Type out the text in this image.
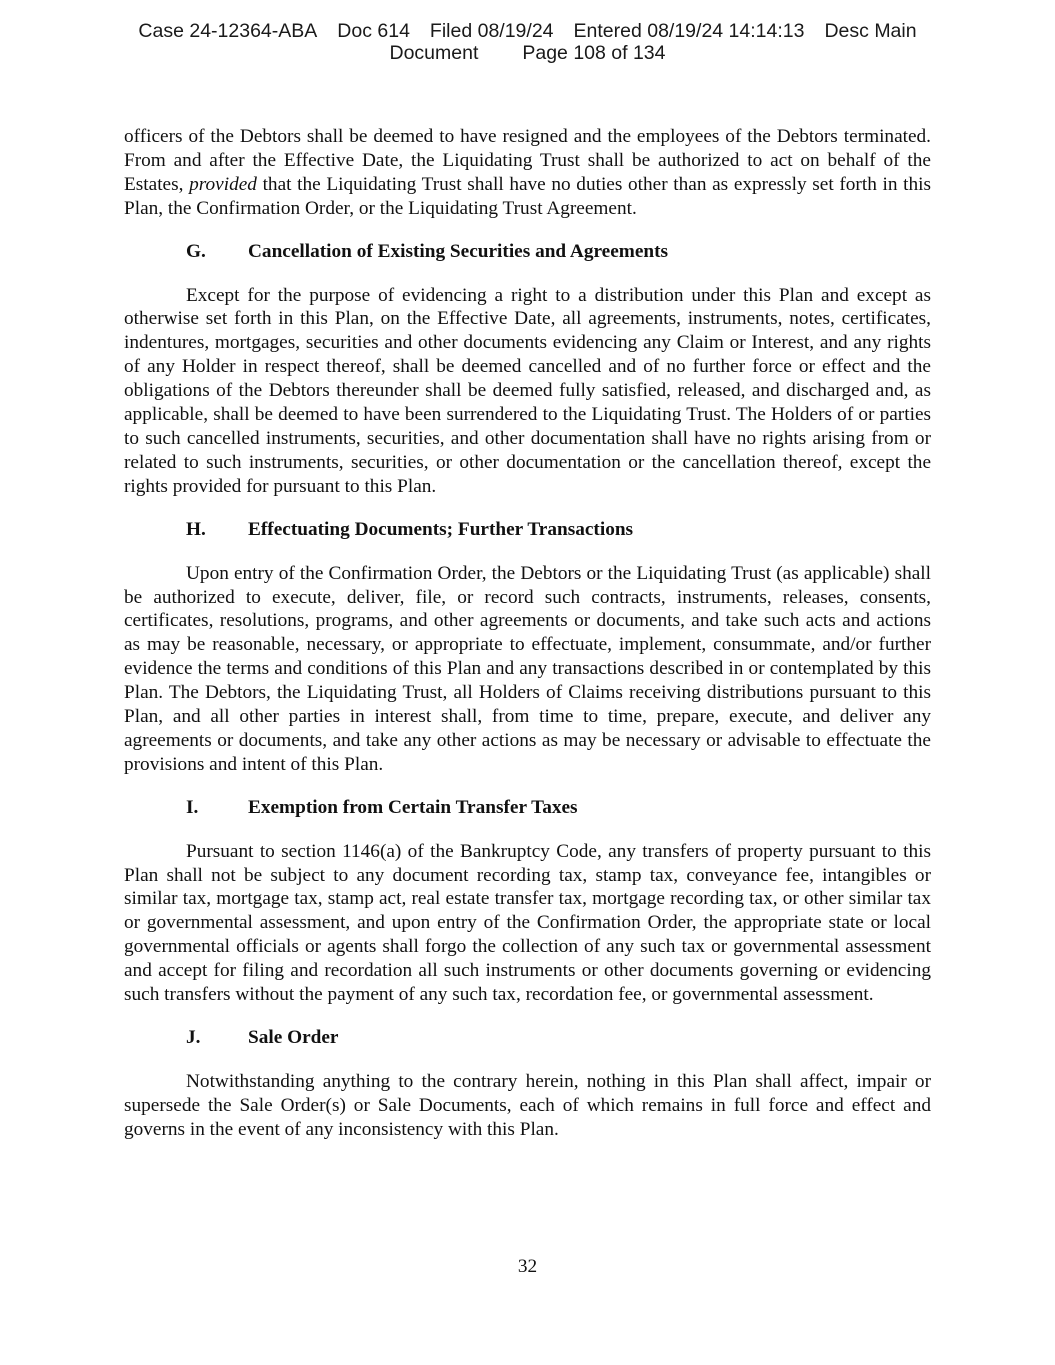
Case 24-12364-ABA Doc 614 Filed 08/19/24 Entered 08/19/24 14:14:13 Desc Main
Document Page 108 of 134

officers of the Debtors shall be deemed to have resigned and the employees of the Debtors terminated. From and after the Effective Date, the Liquidating Trust shall be authorized to act on behalf of the Estates, provided that the Liquidating Trust shall have no duties other than as expressly set forth in this Plan, the Confirmation Order, or the Liquidating Trust Agreement.

G. Cancellation of Existing Securities and Agreements

Except for the purpose of evidencing a right to a distribution under this Plan and except as otherwise set forth in this Plan, on the Effective Date, all agreements, instruments, notes, certificates, indentures, mortgages, securities and other documents evidencing any Claim or Interest, and any rights of any Holder in respect thereof, shall be deemed cancelled and of no further force or effect and the obligations of the Debtors thereunder shall be deemed fully satisfied, released, and discharged and, as applicable, shall be deemed to have been surrendered to the Liquidating Trust. The Holders of or parties to such cancelled instruments, securities, and other documentation shall have no rights arising from or related to such instruments, securities, or other documentation or the cancellation thereof, except the rights provided for pursuant to this Plan.

H. Effectuating Documents; Further Transactions

Upon entry of the Confirmation Order, the Debtors or the Liquidating Trust (as applicable) shall be authorized to execute, deliver, file, or record such contracts, instruments, releases, consents, certificates, resolutions, programs, and other agreements or documents, and take such acts and actions as may be reasonable, necessary, or appropriate to effectuate, implement, consummate, and/or further evidence the terms and conditions of this Plan and any transactions described in or contemplated by this Plan. The Debtors, the Liquidating Trust, all Holders of Claims receiving distributions pursuant to this Plan, and all other parties in interest shall, from time to time, prepare, execute, and deliver any agreements or documents, and take any other actions as may be necessary or advisable to effectuate the provisions and intent of this Plan.

I.	Exemption from Certain Transfer Taxes

Pursuant to section 1146(a) of the Bankruptcy Code, any transfers of property pursuant to this Plan shall not be subject to any document recording tax, stamp tax, conveyance fee, intangibles or similar tax, mortgage tax, stamp act, real estate transfer tax, mortgage recording tax, or other similar tax or governmental assessment, and upon entry of the Confirmation Order, the appropriate state or local governmental officials or agents shall forgo the collection of any such tax or governmental assessment and accept for filing and recordation all such instruments or other documents governing or evidencing such transfers without the payment of any such tax, recordation fee, or governmental assessment.

J. Sale Order

Notwithstanding anything to the contrary herein, nothing in this Plan shall affect, impair or supersede the Sale Order(s) or Sale Documents, each of which remains in full force and effect and governs in the event of any inconsistency with this Plan.

32
